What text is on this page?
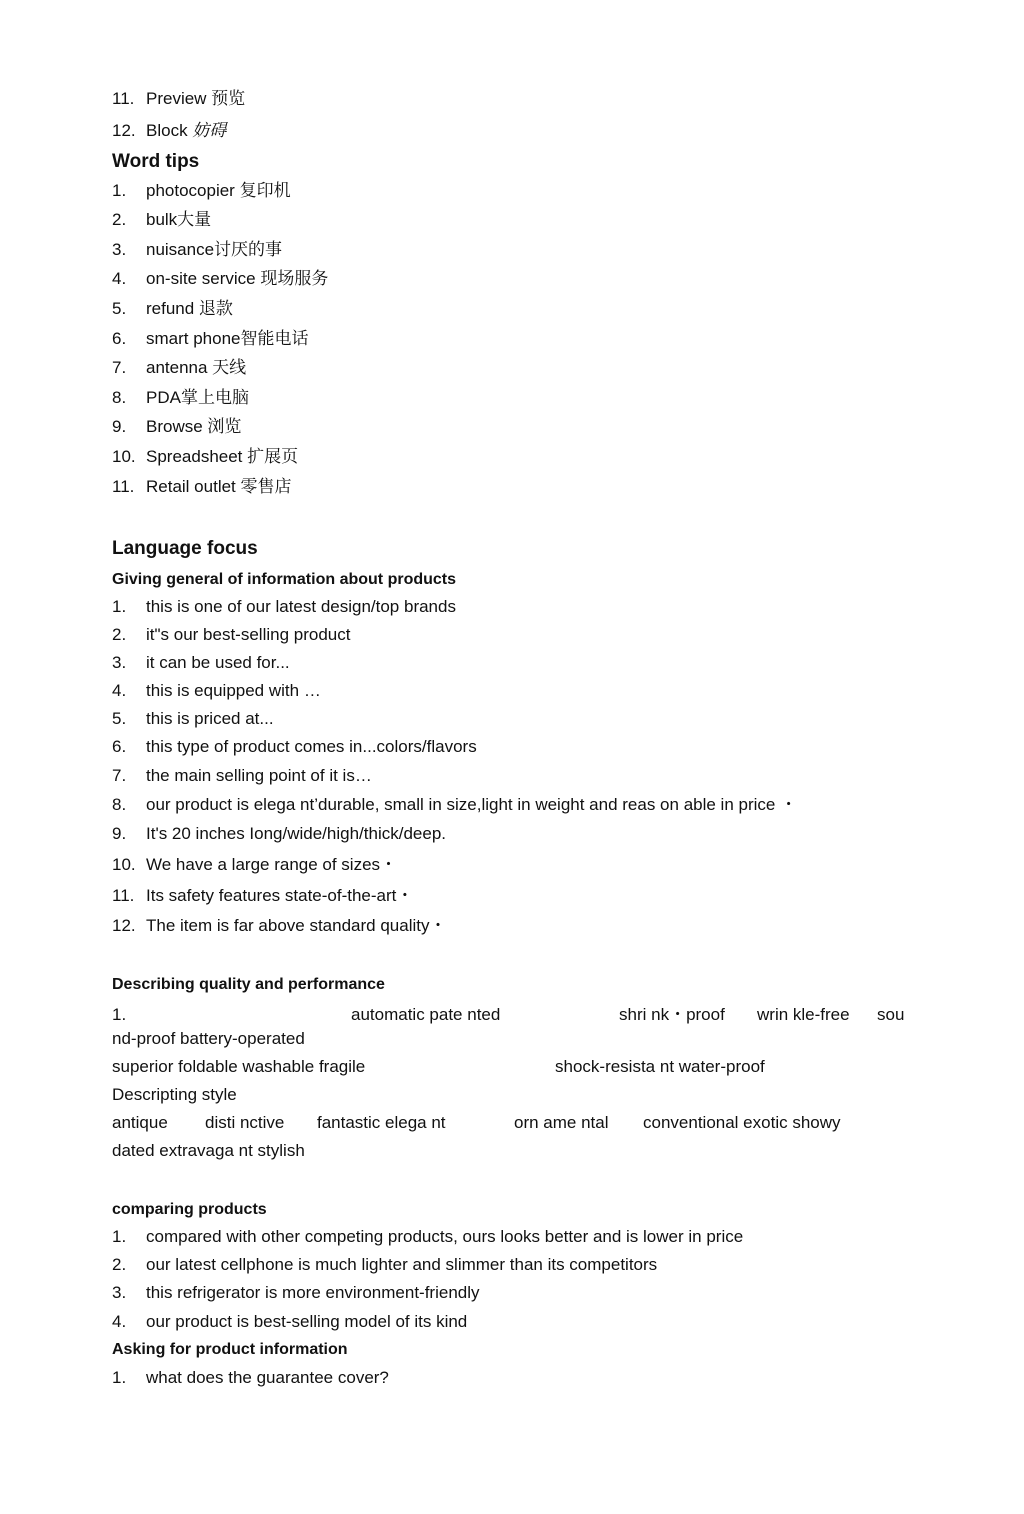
11. Preview 预览
12. Block 妨碍
Word tips
1. photocopier 复印机
2. bulk大量
3. nuisance讨厌的事
4. on-site service 现场服务
5. refund 退款
6. smart phone智能电话
7. antenna 天线
8. PDA掌上电脑
9. Browse 浏览
10. Spreadsheet 扩展页
11. Retail outlet 零售店
Language focus
Giving general of information about products
1. this is one of our latest design/top brands
2. it"s our best-selling product
3. it can be used for...
4. this is equipped with …
5. this is priced at...
6. this type of product comes in...colors/flavors
7. the main selling point of it is…
8. our product is elega nt’durable, small in size,light in weight and reas on able in price ・
9. It's 20 inches Iong/wide/high/thick/deep.
10. We have a large range of sizes・
11. Its safety features state-of-the-art・
12. The item is far above standard quality・
Describing quality and performance
1.	automatic pate nted	shri nk・proof wrin kle-free sou
nd-proof battery-operated
superior foldable washable fragile	shock-resista nt water-proof
Descripting style
antique disti nctive fantastic elega nt	orn ame ntal conventional exotic showy
dated extravaga nt stylish
comparing products
1. compared with other competing products, ours looks better and is lower in price
2. our latest cellphone is much lighter and slimmer than its competitors
3. this refrigerator is more environment-friendly
4. our product is best-selling model of its kind
Asking for product information
1. what does the guarantee cover?
